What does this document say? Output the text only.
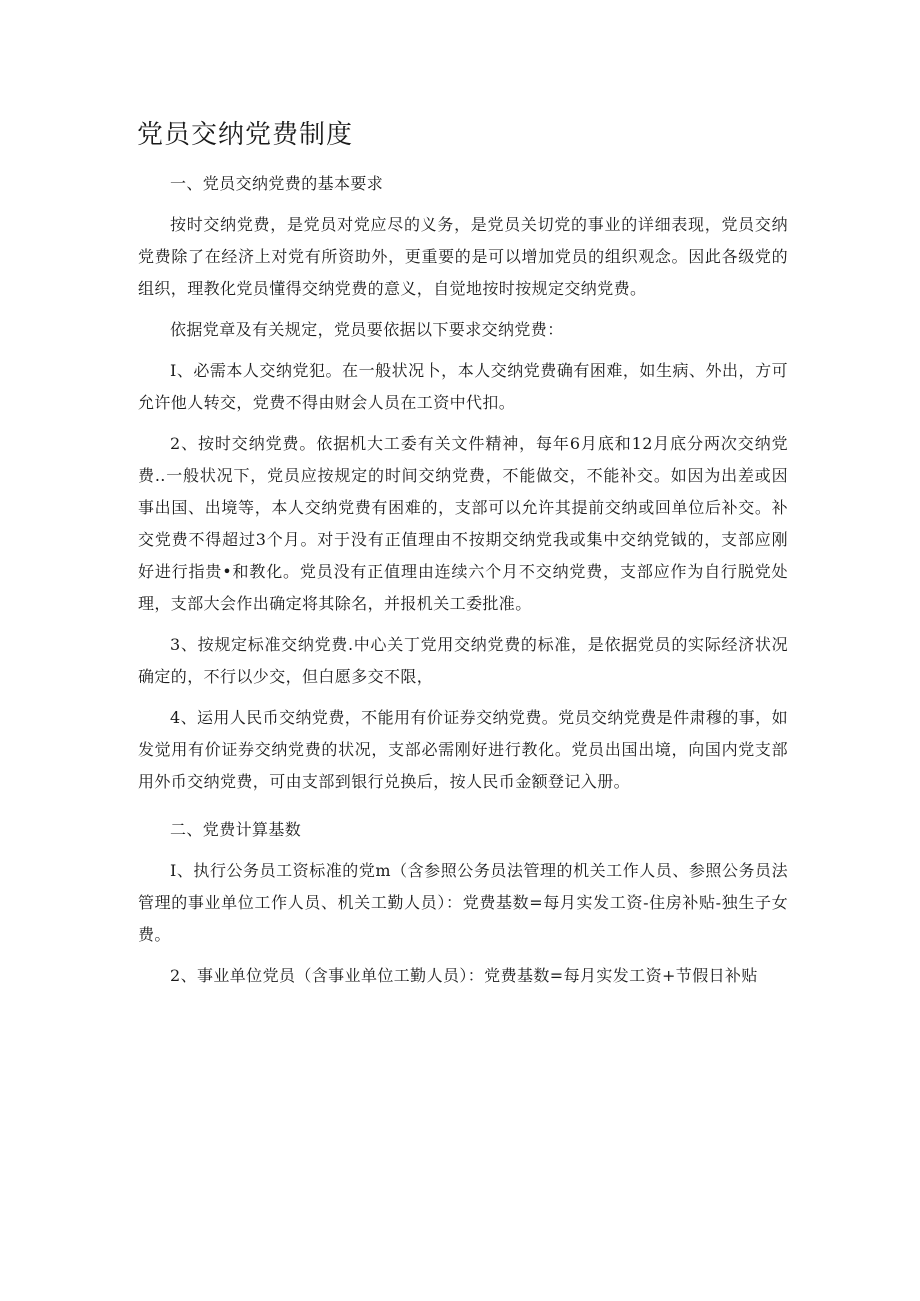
党员交纳党费制度
一、党员交纳党费的基本要求

按时交纳党费，是党员对党应尽的义务，是党员关切党的事业的详细表现，党员交纳党费除了在经济上对党有所资助外，更重要的是可以增加党员的组织观念。因此各级党的组织，理教化党员懂得交纳党费的意义，自觉地按时按规定交纳党费。

依据党章及有关规定，党员要依据以下要求交纳党费：

I、必需本人交纳党犯。在一般状况卜，本人交纳党费确有困难，如生病、外出，方可允许他人转交，党费不得由财会人员在工资中代扣。

2、按时交纳党费。依据机大工委有关文件精神，每年6月底和12月底分两次交纳党费..一般状况下，党员应按规定的时间交纳党费，不能做交，不能补交。如因为出差或因事出国、出境等，本人交纳党费有困难的，支部可以允许其提前交纳或回单位后补交。补交党费不得超过3个月。对于没有正值理由不按期交纳党我或集中交纳党钺的，支部应刚好进行指贵•和教化。党员没有正值理由连续六个月不交纳党费，支部应作为自行脱党处理，支部大会作出确定将其除名，并报机关工委批准。

3、按规定标准交纳党费.中心关丁党用交纳党费的标准，是依据党员的实际经济状况确定的，不行以少交，但白愿多交不限，

4、运用人民币交纳党费，不能用有价证券交纳党费。党员交纳党费是件肃穆的事，如发觉用有价证券交纳党费的状况，支部必需刚好进行教化。党员出国出境，向国内党支部用外币交纳党费，可由支部到银行兑换后，按人民币金额登记入册。

二、党费计算基数

I、执行公务员工资标准的党m（含参照公务员法管理的机关工作人员、参照公务员法管理的事业单位工作人员、机关工勤人员）：党费基数=每月实发工资-住房补贴-独生子女费。

2、事业单位党员（含事业单位工勤人员）：党费基数=每月实发工资+节假日补贴
